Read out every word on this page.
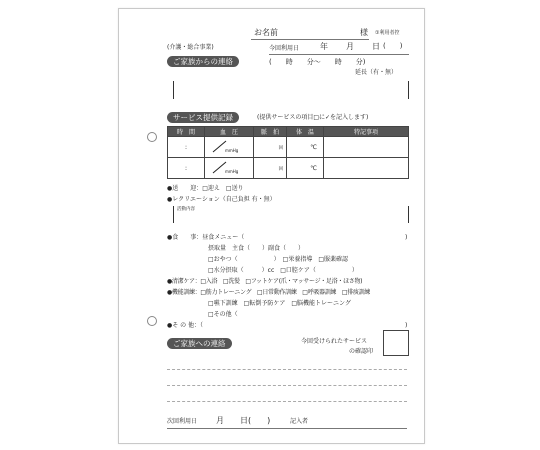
お名前	様 ①利用者控
(介護・総合事業)	今回利用日	年 月 日 (　　)
ご家族からの連絡	(　　時　　分～　　時　　分)
延長（有・無）
サービス提供記録	(提供サービスの項目□に✓を記入します)
時　間	血　圧	脈　拍	体　温	特記事項
:	mmHg	回	℃	
:	mmHg	回	℃	
●送　　迎：□迎え　□送り
●レクリエーション（自己負担 有・無）
活動内容
●食　　事：昼食メニュー（	)
摂取量　主食（　　）副食（　　）
□おやつ（　　　　　　）　□栄養指導　□服薬確認
□水分摂取（　　　）cc　□口腔ケア（　　　　　　）
●清潔ケア：□入浴　□洗髪　□フットケア(爪・マッサージ・足浴・ほさ物)
●機能訓練：□筋力トレーニング　□日常動作訓練　□呼吸器訓練　□排痰訓練
□嚥下訓練　□転倒予防ケア　□脳機能トレーニング
□その他（
●そ の 他：（	)
ご家族への連絡	今回受けられたサービス
の確認印
次回利用日 月 日(　　)	記入者
